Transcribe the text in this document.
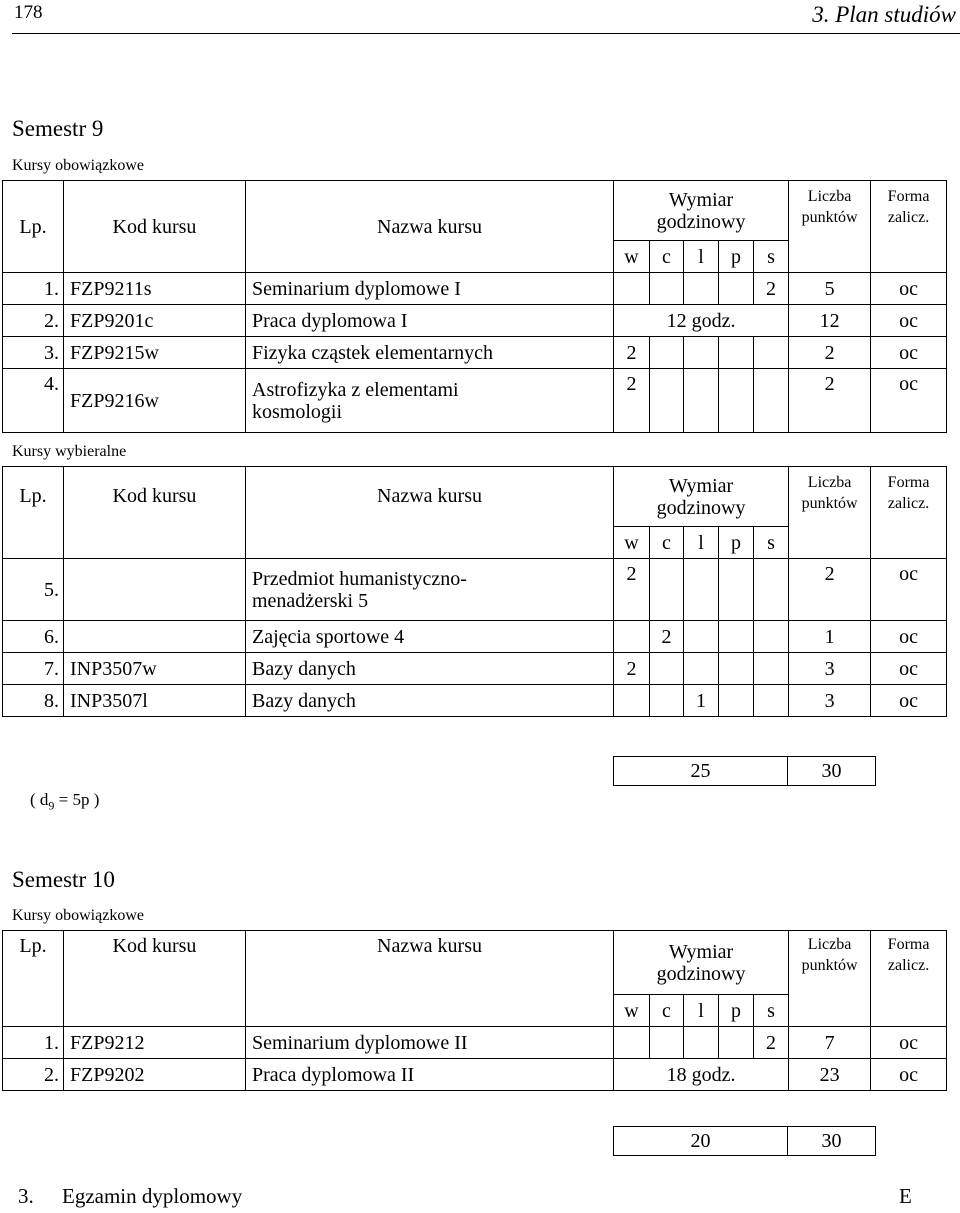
178	3. Plan studiów
Semestr 9
Kursy obowiązkowe
Lp.	Kod kursu	Nazwa kursu	Wymiar godzinowy					Liczba punktów	Forma zalicz.
			w	c	l	p	s		
1.	FZP9211s	Seminarium dyplomowe I					2	5	oc
2.	FZP9201c	Praca dyplomowa I	12 godz.					12	oc
3.	FZP9215w	Fizyka cząstek elementarnych	2					2	oc
4.	FZP9216w	Astrofizyka z elementami kosmologii	2					2	oc
Kursy wybieralne
Lp.	Kod kursu	Nazwa kursu	Wymiar godzinowy					Liczba punktów	Forma zalicz.
			w	c	l	p	s		
5.		Przedmiot humanistyczno-menadżerski 5	2					2	oc
6.		Zajęcia sportowe 4		2				1	oc
7.	INP3507w	Bazy danych	2					3	oc
8.	INP3507l	Bazy danych			1			3	oc
( $d_9 = 5p$ )
25	30
Semestr 10
Kursy obowiązkowe
Lp.	Kod kursu	Nazwa kursu	Wymiar godzinowy					Liczba punktów	Forma zalicz.
			w	c	l	p	s		
1.	FZP9212	Seminarium dyplomowe II					2	7	oc
2.	FZP9202	Praca dyplomowa II	18 godz.					23	oc
20	30
3. Egzamin dyplomowy	E
